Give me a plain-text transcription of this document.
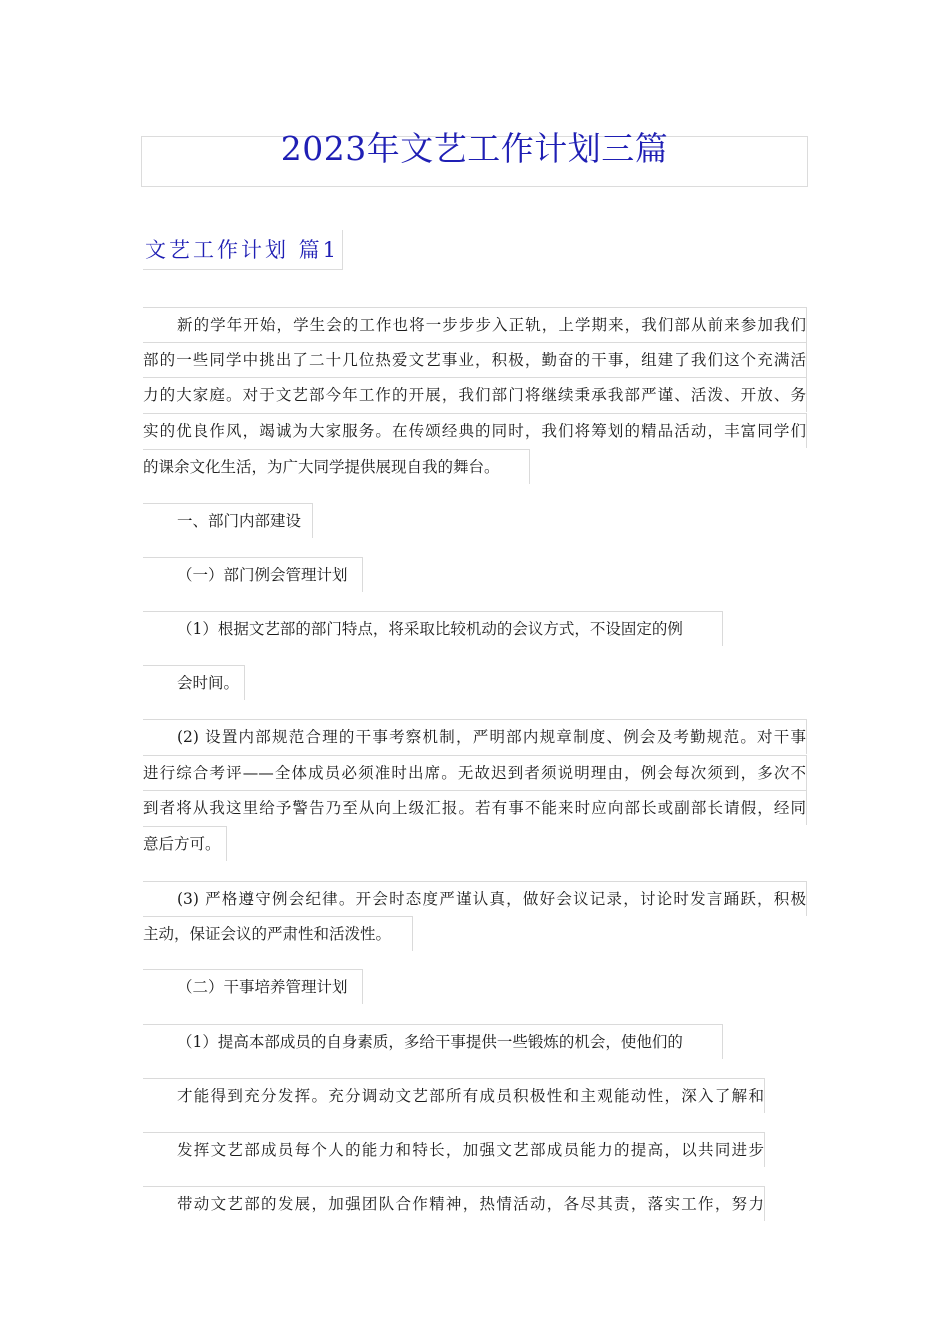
2023年文艺工作计划三篇
文艺工作计划 篇1
新的学年开始，学生会的工作也将一步步步入正轨，上学期来，我们部从前来参加我们
部的一些同学中挑出了二十几位热爱文艺事业，积极，勤奋的干事，组建了我们这个充满活
力的大家庭。对于文艺部今年工作的开展，我们部门将继续秉承我部严谨、活泼、开放、务
实的优良作风，竭诚为大家服务。在传颂经典的同时，我们将筹划的精品活动，丰富同学们
的课余文化生活，为广大同学提供展现自我的舞台。
一、部门内部建设
（一）部门例会管理计划
（1）根据文艺部的部门特点，将采取比较机动的会议方式，不设固定的例
会时间。
(2) 设置内部规范合理的干事考察机制，严明部内规章制度、例会及考勤规范。对干事
进行综合考评——全体成员必须准时出席。无故迟到者须说明理由，例会每次须到，多次不
到者将从我这里给予警告乃至从向上级汇报。若有事不能来时应向部长或副部长请假，经同
意后方可。
(3) 严格遵守例会纪律。开会时态度严谨认真，做好会议记录，讨论时发言踊跃，积极
主动，保证会议的严肃性和活泼性。
（二）干事培养管理计划
（1）提高本部成员的自身素质，多给干事提供一些锻炼的机会，使他们的
才能得到充分发挥。充分调动文艺部所有成员积极性和主观能动性，深入了解和
发挥文艺部成员每个人的能力和特长，加强文艺部成员能力的提高，以共同进步
带动文艺部的发展，加强团队合作精神，热情活动，各尽其责，落实工作，努力
